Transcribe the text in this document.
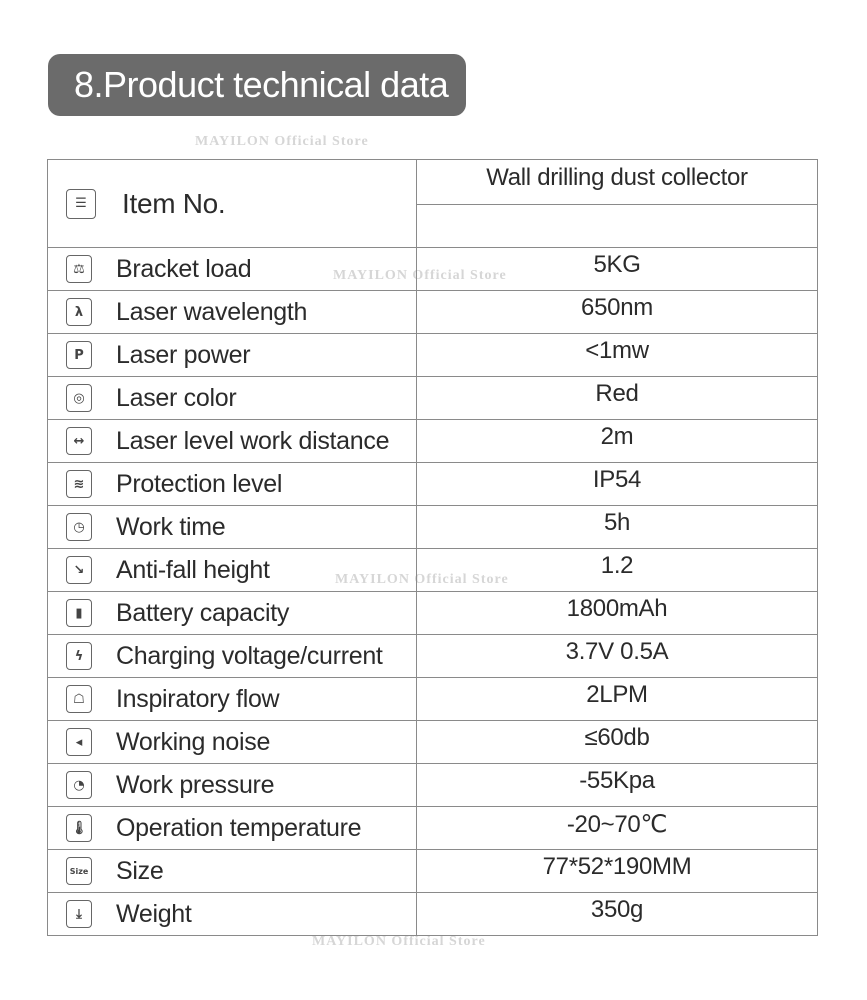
8.Product technical data
MAYILON Official Store
MAYILON Official Store
MAYILON Official Store
MAYILON Official Store
☰ Item No.	Wall drilling dust collector

⚖ Bracket load	5KG

λ Laser wavelength	650nm

P Laser power	<1mw

◎ Laser color	Red

↔ Laser level work distance	2m

≋ Protection level	IP54

◷ Work time	5h

↘ Anti-fall height	1.2

▮ Battery capacity	1800mAh

ϟ Charging voltage/current	3.7V 0.5A

☖ Inspiratory flow	2LPM

◂ Working noise	≤60db

◔ Work pressure	-55Kpa

🌡 Operation temperature	-20~70℃

Size Size	77*52*190MM

⤓ Weight	350g
